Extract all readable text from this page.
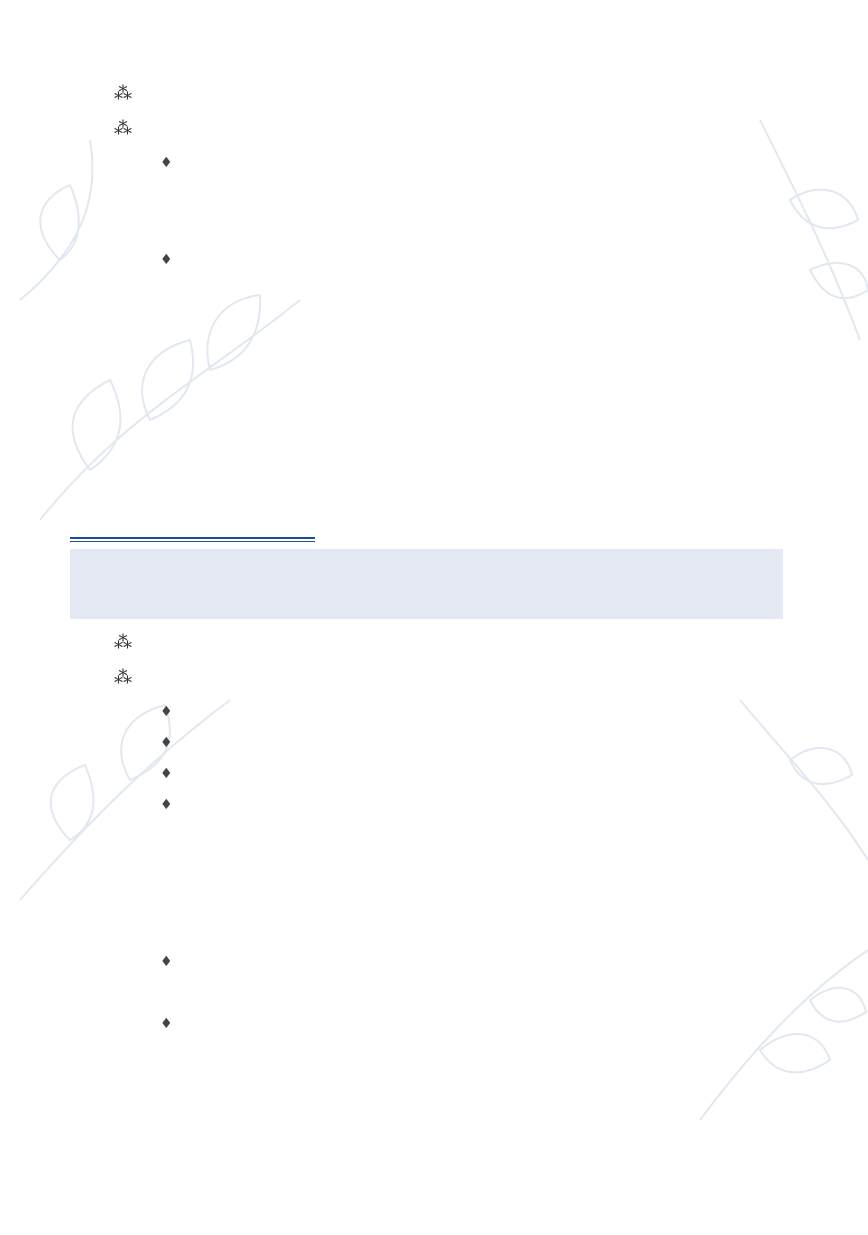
⁂
⁂
♦
♦
⁂
⁂
♦
♦
♦
♦
♦
♦
